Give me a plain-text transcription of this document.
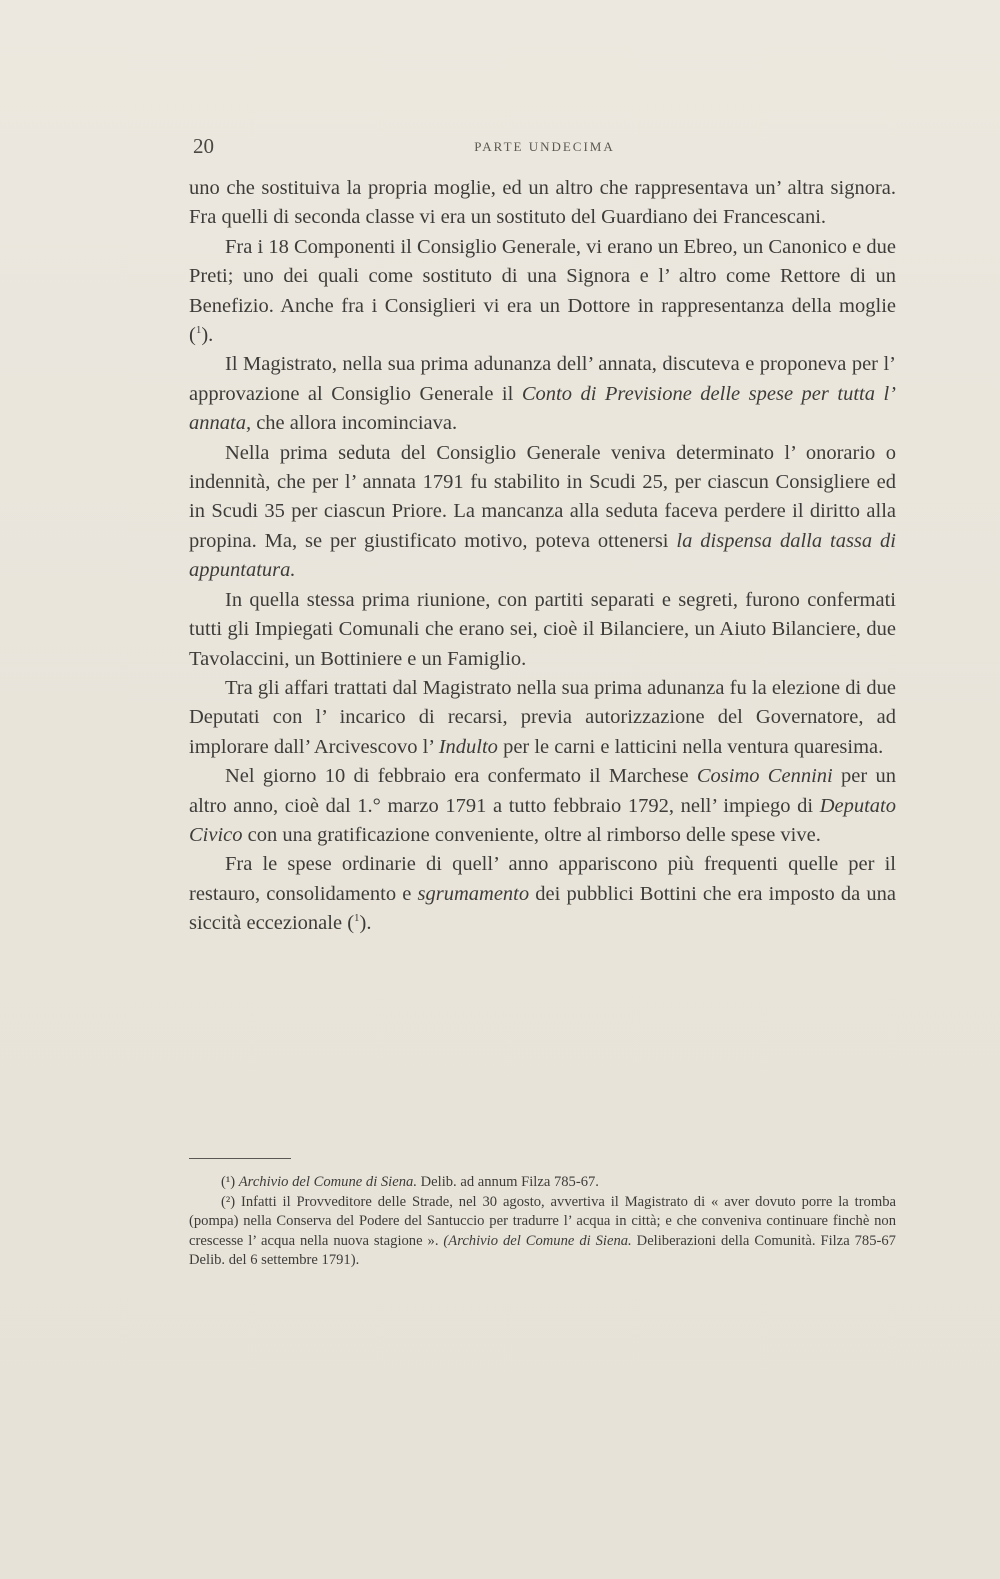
20	PARTE UNDECIMA

uno che sostituiva la propria moglie, ed un altro che rappresentava un’ altra signora. Fra quelli di seconda classe vi era un sostituto del Guardiano dei Francescani.

Fra i 18 Componenti il Consiglio Generale, vi erano un Ebreo, un Canonico e due Preti; uno dei quali come sostituto di una Signora e l’ altro come Rettore di un Benefizio. Anche fra i Consiglieri vi era un Dottore in rappresentanza della moglie ($^1$).

Il Magistrato, nella sua prima adunanza dell’ annata, discuteva e proponeva per l’ approvazione al Consiglio Generale il Conto di Previsione delle spese per tutta l’ annata, che allora incominciava.

Nella prima seduta del Consiglio Generale veniva determinato l’ onorario o indennità, che per l’ annata 1791 fu stabilito in Scudi 25, per ciascun Consigliere ed in Scudi 35 per ciascun Priore. La mancanza alla seduta faceva perdere il diritto alla propina. Ma, se per giustificato motivo, poteva ottenersi la dispensa dalla tassa di appuntatura.

In quella stessa prima riunione, con partiti separati e segreti, furono confermati tutti gli Impiegati Comunali che erano sei, cioè il Bilanciere, un Aiuto Bilanciere, due Tavolaccini, un Bottiniere e un Famiglio.

Tra gli affari trattati dal Magistrato nella sua prima adunanza fu la elezione di due Deputati con l’ incarico di recarsi, previa autorizzazione del Governatore, ad implorare dall’ Arcivescovo l’ Indulto per le carni e latticini nella ventura quaresima.

Nel giorno 10 di febbraio era confermato il Marchese Cosimo Cennini per un altro anno, cioè dal 1.° marzo 1791 a tutto febbraio 1792, nell’ impiego di Deputato Civico con una gratificazione conveniente, oltre al rimborso delle spese vive.

Fra le spese ordinarie di quell’ anno appariscono più frequenti quelle per il restauro, consolidamento e sgrumamento dei pubblici Bottini che era imposto da una siccità eccezionale ($^1$).

(¹) Archivio del Comune di Siena. Delib. ad annum Filza 785-67.

(²) Infatti il Provveditore delle Strade, nel 30 agosto, avvertiva il Magistrato di « aver dovuto porre la tromba (pompa) nella Conserva del Podere del Santuccio per tradurre l’ acqua in città; e che conveniva continuare finchè non crescesse l’ acqua nella nuova stagione ». (Archivio del Comune di Siena. Deliberazioni della Comunità. Filza 785-67 Delib. del 6 settembre 1791).
